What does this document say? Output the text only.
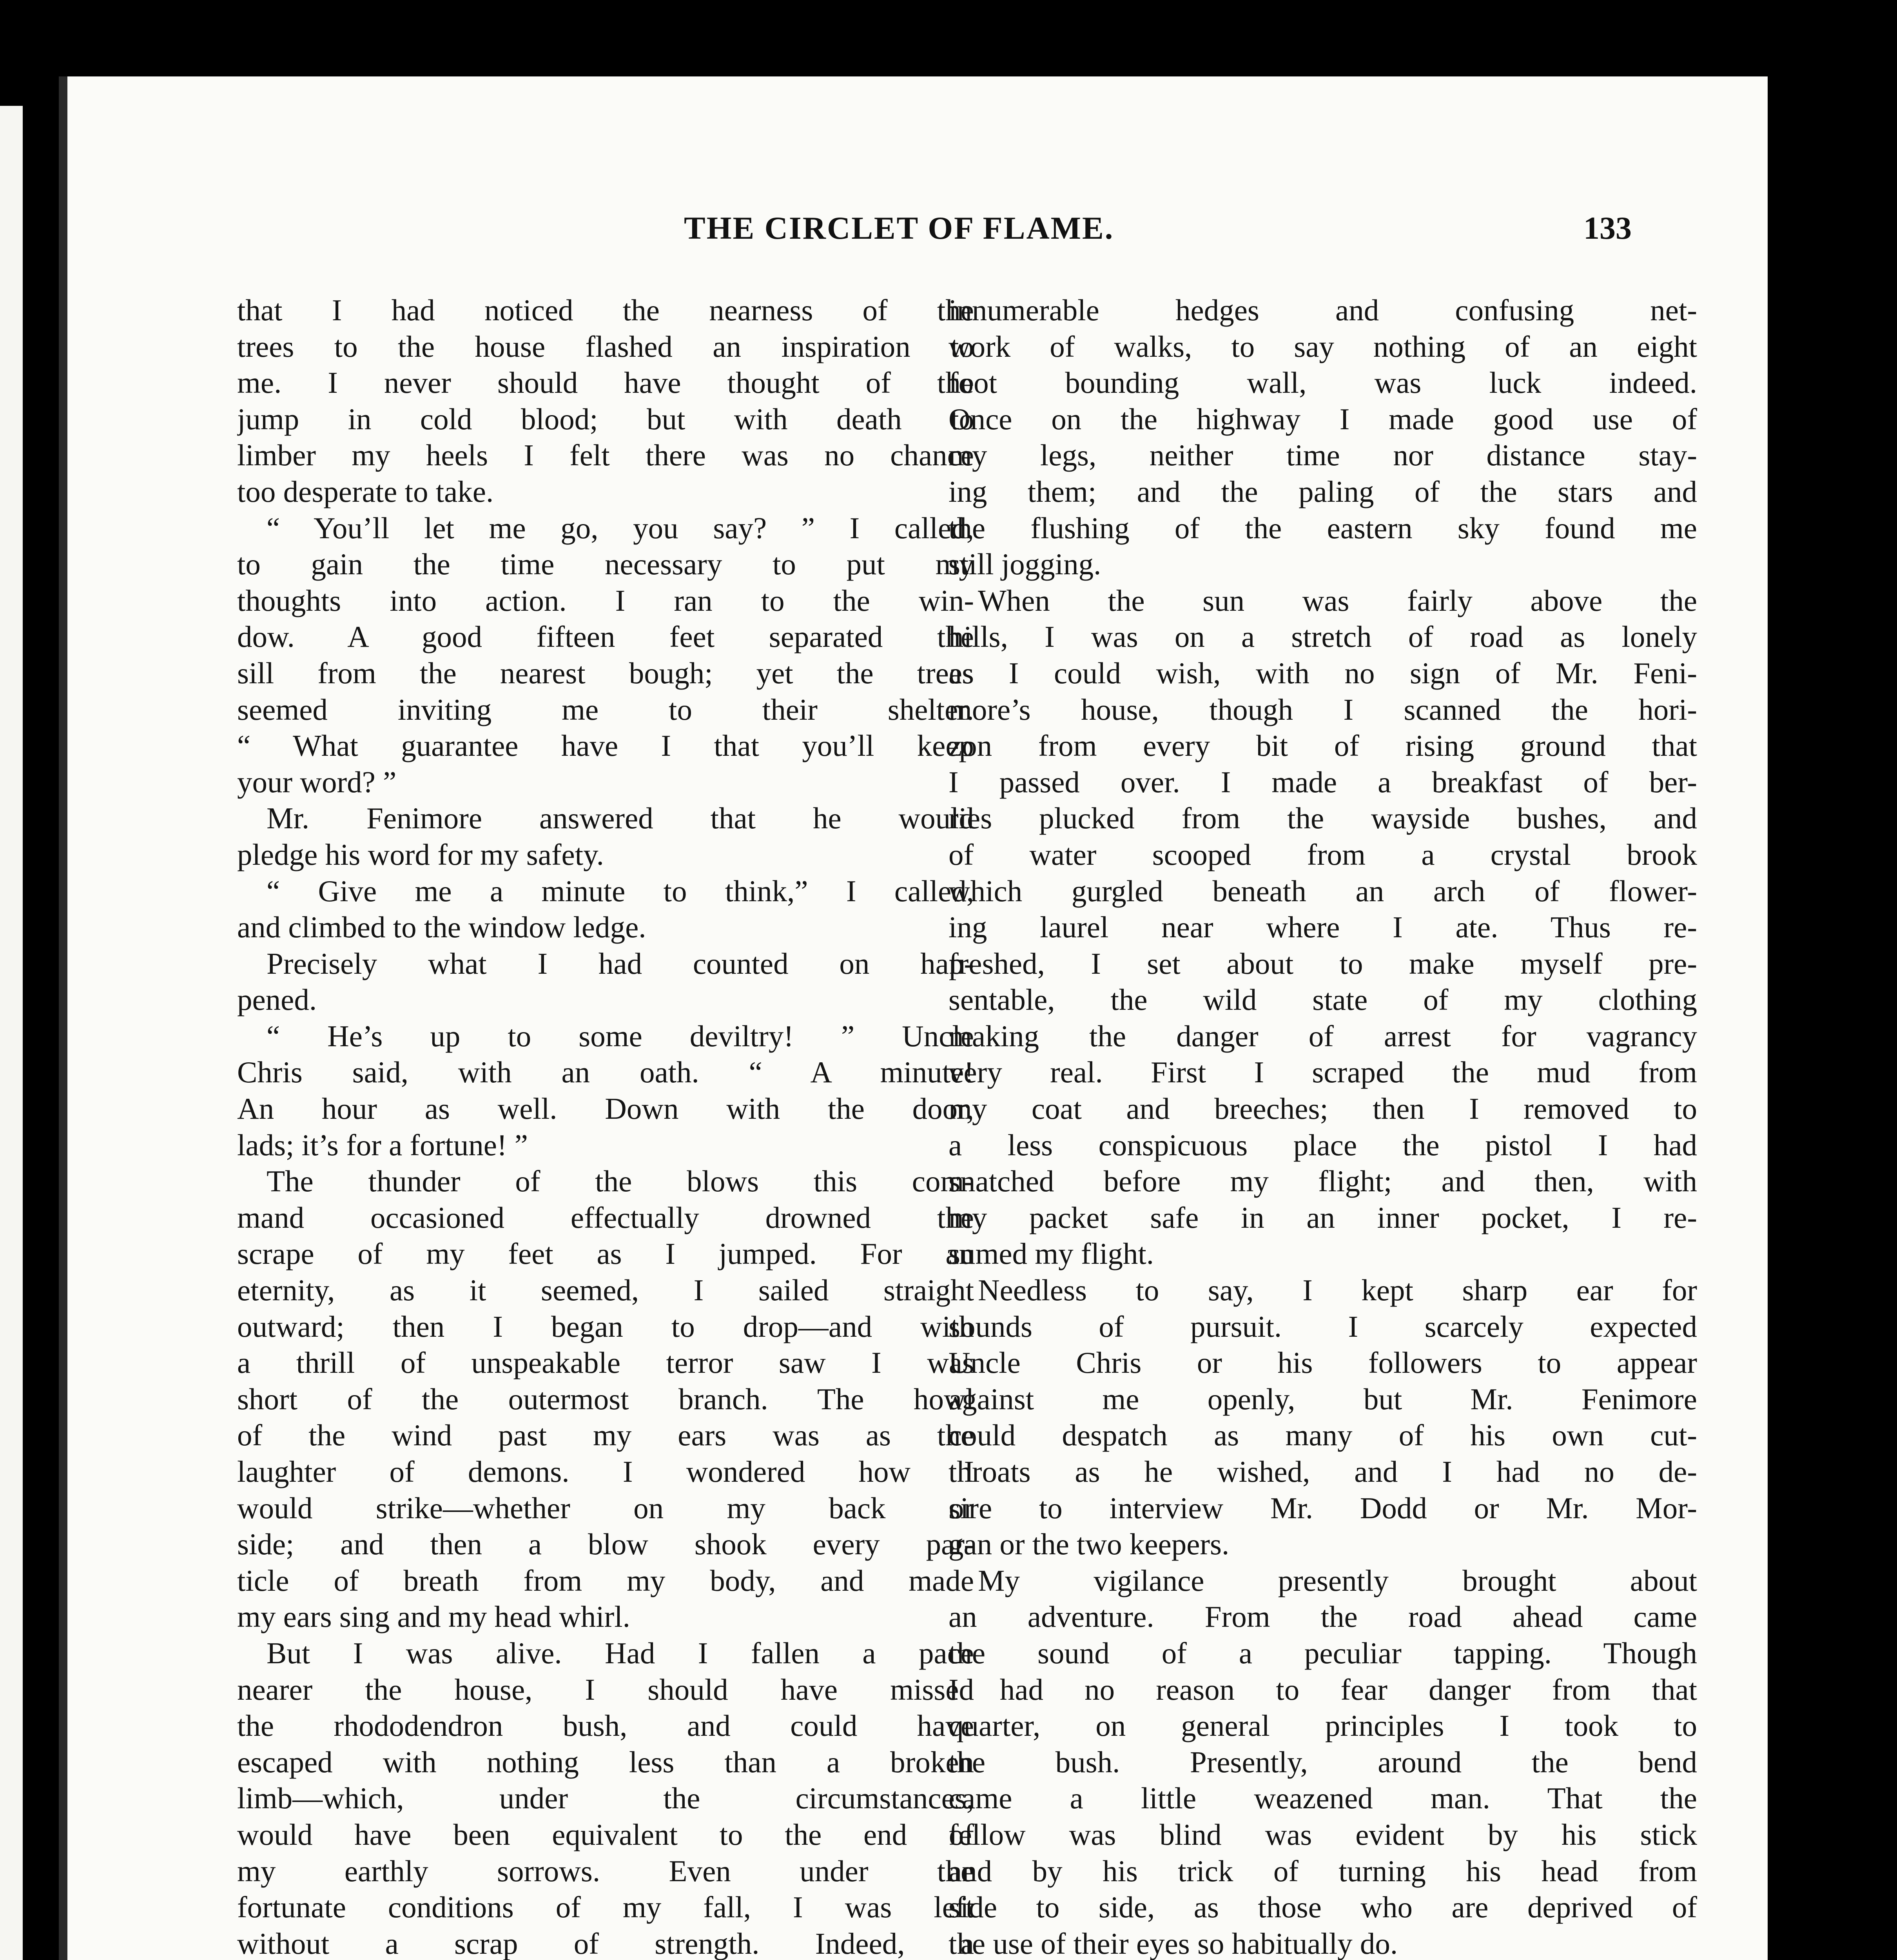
THE CIRCLET OF FLAME.	133
that I had noticed the nearness of the
trees to the house flashed an inspiration to
me. I never should have thought of the
jump in cold blood; but with death to
limber my heels I felt there was no chance
too desperate to take.
“ You’ll let me go, you say? ” I called,
to gain the time necessary to put my
thoughts into action. I ran to the win-
dow. A good fifteen feet separated the
sill from the nearest bough; yet the trees
seemed inviting me to their shelter.
“ What guarantee have I that you’ll keep
your word? ”
Mr. Fenimore answered that he would
pledge his word for my safety.
“ Give me a minute to think,” I called,
and climbed to the window ledge.
Precisely what I had counted on hap-
pened.
“ He’s up to some deviltry! ” Uncle
Chris said, with an oath. “ A minute!
An hour as well. Down with the door,
lads; it’s for a fortune! ”
The thunder of the blows this com-
mand occasioned effectually drowned the
scrape of my feet as I jumped. For an
eternity, as it seemed, I sailed straight
outward; then I began to drop—and with
a thrill of unspeakable terror saw I was
short of the outermost branch. The howl
of the wind past my ears was as the
laughter of demons. I wondered how I
would strike—whether on my back or
side; and then a blow shook every par-
ticle of breath from my body, and made
my ears sing and my head whirl.
But I was alive. Had I fallen a pace
nearer the house, I should have missed
the rhododendron bush, and could have
escaped with nothing less than a broken
limb—which, under the circumstances,
would have been equivalent to the end of
my earthly sorrows. Even under the
fortunate conditions of my fall, I was left
without a scrap of strength. Indeed, a
innumerable hedges and confusing net-
work of walks, to say nothing of an eight
foot bounding wall, was luck indeed.
Once on the highway I made good use of
my legs, neither time nor distance stay-
ing them; and the paling of the stars and
the flushing of the eastern sky found me
still jogging.
When the sun was fairly above the
hills, I was on a stretch of road as lonely
as I could wish, with no sign of Mr. Feni-
more’s house, though I scanned the hori-
zon from every bit of rising ground that
I passed over. I made a breakfast of ber-
ries plucked from the wayside bushes, and
of water scooped from a crystal brook
which gurgled beneath an arch of flower-
ing laurel near where I ate. Thus re-
freshed, I set about to make myself pre-
sentable, the wild state of my clothing
making the danger of arrest for vagrancy
very real. First I scraped the mud from
my coat and breeches; then I removed to
a less conspicuous place the pistol I had
snatched before my flight; and then, with
my packet safe in an inner pocket, I re-
sumed my flight.
Needless to say, I kept sharp ear for
sounds of pursuit. I scarcely expected
Uncle Chris or his followers to appear
against me openly, but Mr. Fenimore
could despatch as many of his own cut-
throats as he wished, and I had no de-
sire to interview Mr. Dodd or Mr. Mor-
gan or the two keepers.
My vigilance presently brought about
an adventure. From the road ahead came
the sound of a peculiar tapping. Though
I had no reason to fear danger from that
quarter, on general principles I took to
the bush. Presently, around the bend
came a little weazened man. That the
fellow was blind was evident by his stick
and by his trick of turning his head from
side to side, as those who are deprived of
the use of their eyes so habitually do.
